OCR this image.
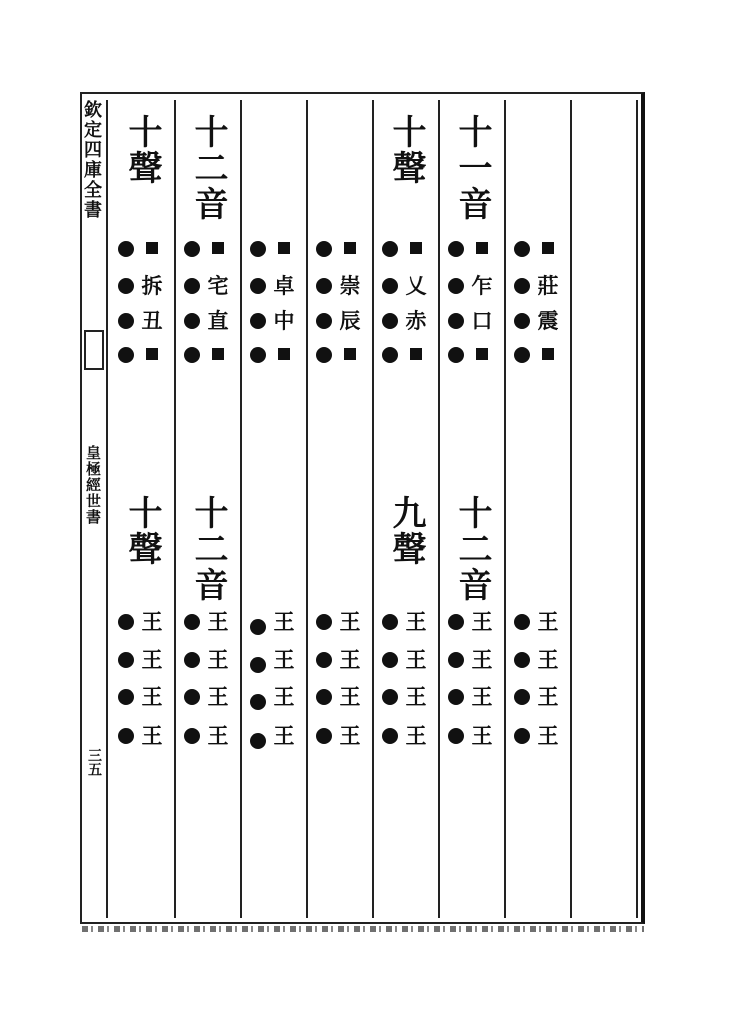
欽定四庫全書
皇極經世書
三五
十聲
十聲
拆
丑
王
王
王
王
十二音
十二音
宅
直
王
王
王
王
卓
中
王
王
王
王
崇
辰
王
王
王
王
十聲
九聲
乂
赤
王
王
王
王
十一音
十二音
乍
口
王
王
王
王
莊
震
王
王
王
王
